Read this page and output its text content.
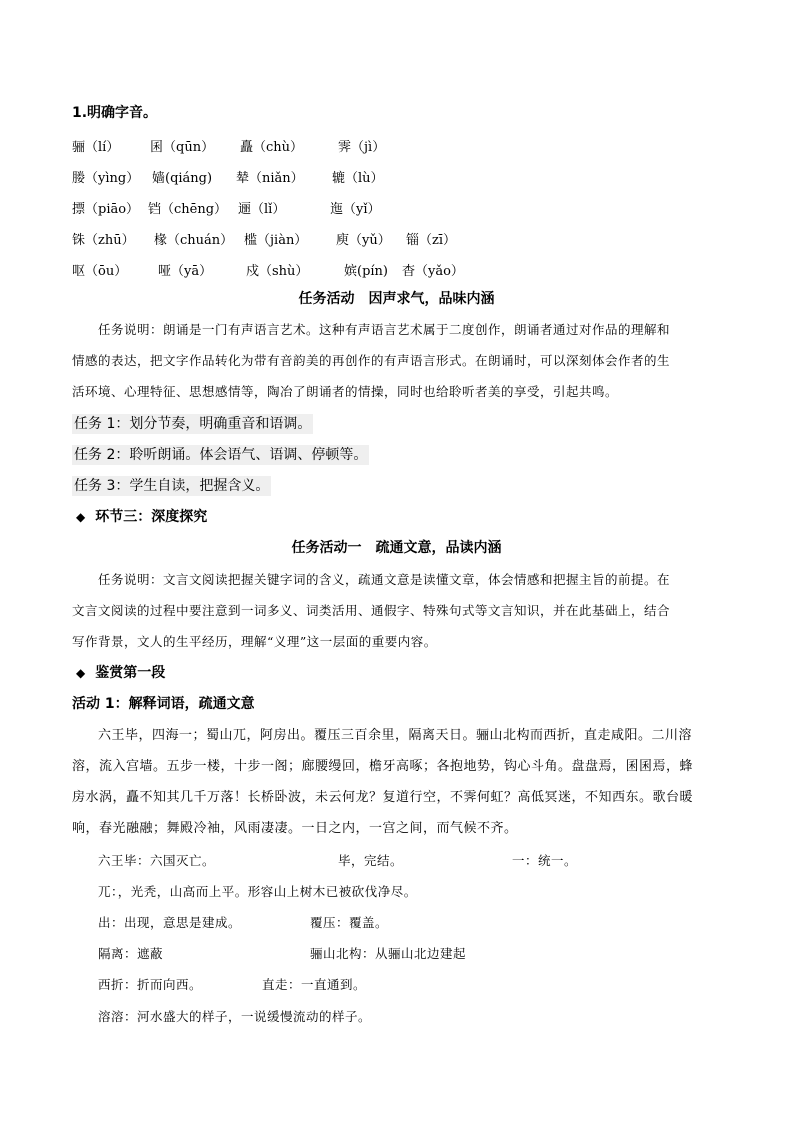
1.明确字音。
骊（lí） 囷（qūn） 矗（chù）	霁（jì）
媵（yìng） 嫱(qiáng) 辇（niǎn） 辘（lù）
摽（piāo） 铛（chēng） 逦（lǐ）	迤（yǐ）
铢（zhū） 椽（chuán） 槛（jiàn） 庾（yǔ） 锱（zī）
呕（ōu） 哑（yā）	戍（shù）	嫔(pín) 杳（yǎo）
任务活动　因声求气，品味内涵
任务说明：朗诵是一门有声语言艺术。这种有声语言艺术属于二度创作，朗诵者通过对作品的理解和
情感的表达，把文字作品转化为带有音韵美的再创作的有声语言形式。在朗诵时，可以深刻体会作者的生
活环境、心理特征、思想感情等，陶冶了朗诵者的情操，同时也给聆听者美的享受，引起共鸣。
任务 1：划分节奏，明确重音和语调。
任务 2：聆听朗诵。体会语气、语调、停顿等。
任务 3：学生自读，把握含义。
◆ 环节三：深度探究
任务活动一　疏通文意，品读内涵
任务说明：文言文阅读把握关键字词的含义，疏通文意是读懂文章，体会情感和把握主旨的前提。在
文言文阅读的过程中要注意到一词多义、词类活用、通假字、特殊句式等文言知识，并在此基础上，结合
写作背景，文人的生平经历，理解“义理”这一层面的重要内容。
◆ 鉴赏第一段
活动 1：解释词语，疏通文意
六王毕，四海一；蜀山兀，阿房出。覆压三百余里，隔离天日。骊山北构而西折，直走咸阳。二川溶
溶，流入宫墙。五步一楼，十步一阁；廊腰缦回，檐牙高啄；各抱地势，钩心斗角。盘盘焉，囷囷焉，蜂
房水涡，矗不知其几千万落！长桥卧波，未云何龙？复道行空，不霁何虹？高低冥迷，不知西东。歌台暖
响，春光融融；舞殿冷袖，风雨凄凄。一日之内，一宫之间，而气候不齐。
六王毕：六国灭亡。	毕，完结。	一：统一。
兀：，光秃，山高而上平。形容山上树木已被砍伐净尽。
出：出现，意思是建成。	覆压：覆盖。
隔离：遮蔽	骊山北构：从骊山北边建起
西折：折而向西。	直走：一直通到。
溶溶：河水盛大的样子，一说缓慢流动的样子。
